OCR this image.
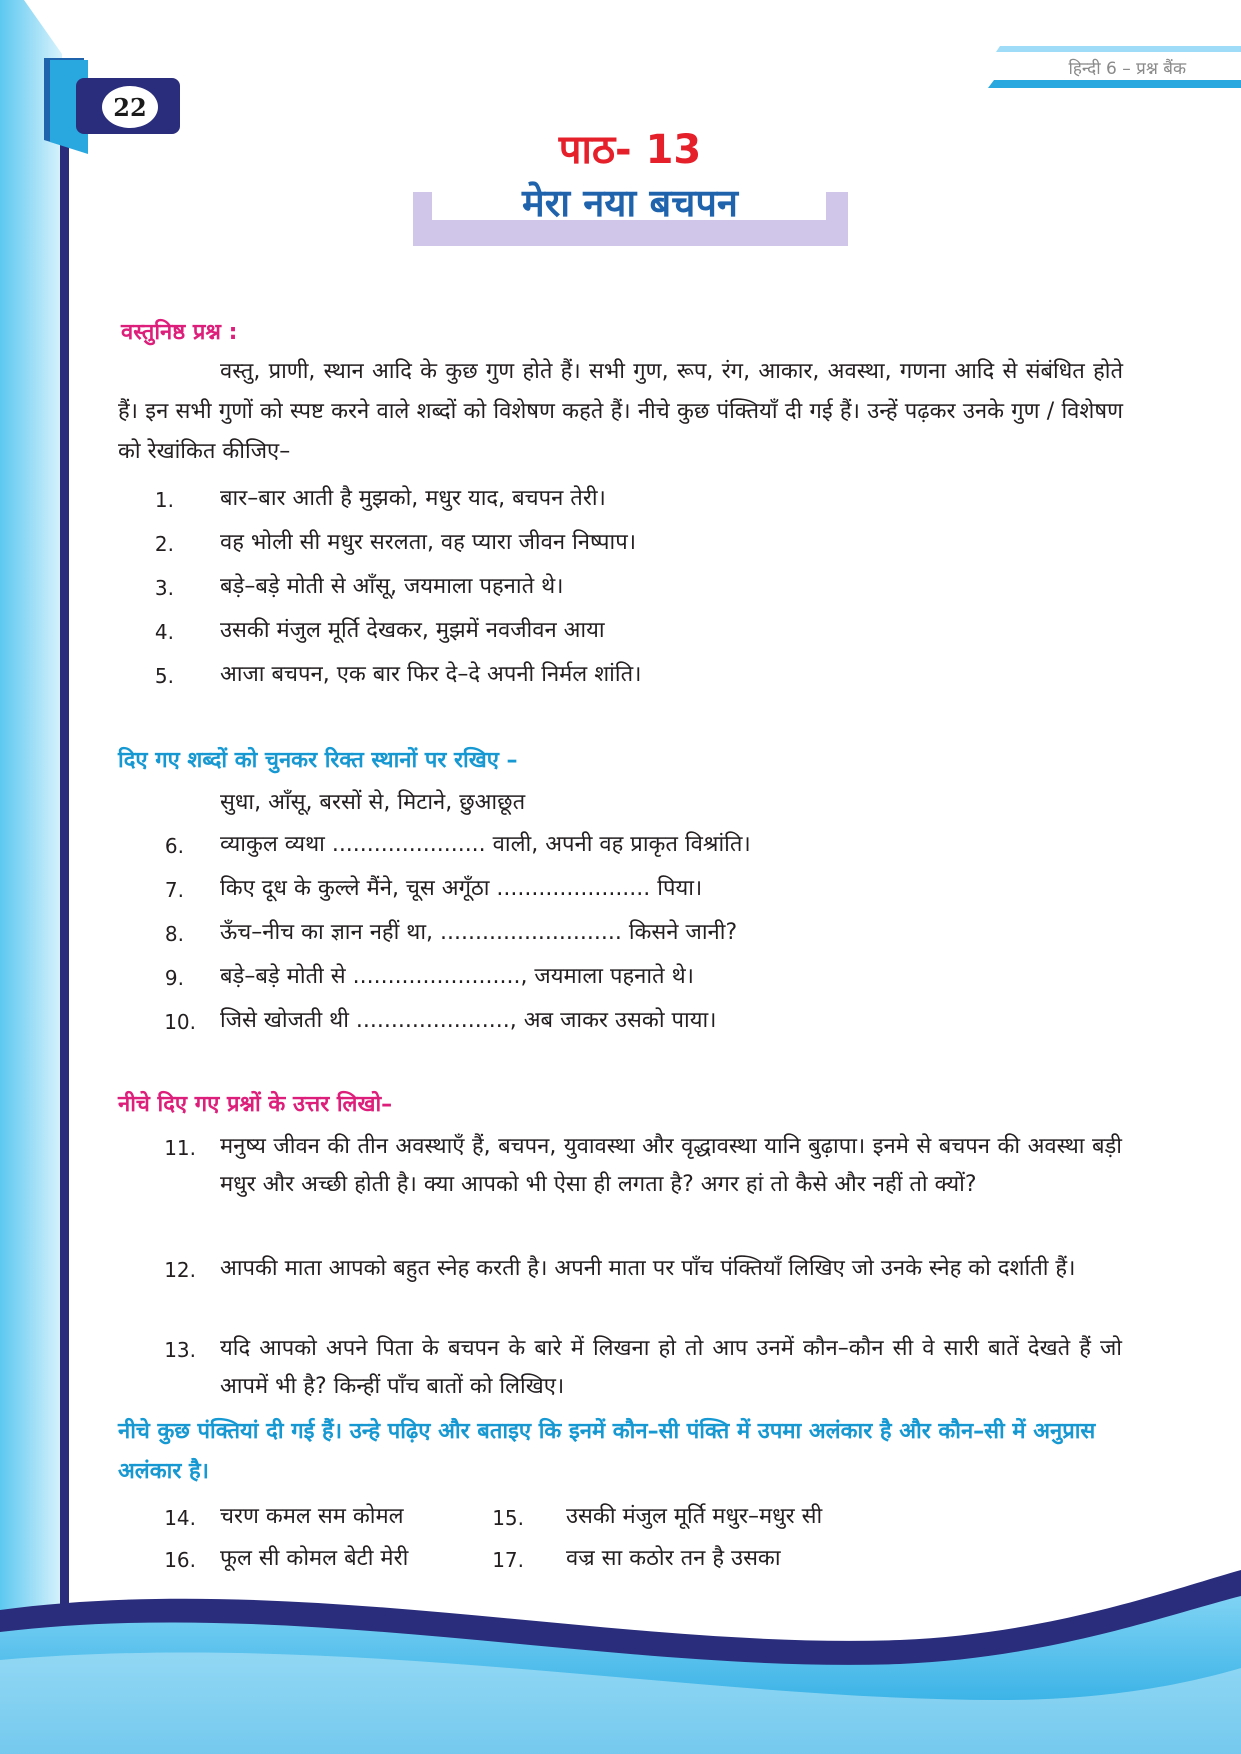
हिन्दी 6 – प्रश्न बैंक
22
पाठ- 13
मेरा नया बचपन
वस्तुनिष्ठ प्रश्न :
वस्तु, प्राणी, स्थान आदि के कुछ गुण होते हैं। सभी गुण, रूप, रंग, आकार, अवस्था, गणना आदि से संबंधित होते हैं। इन सभी गुणों को स्पष्ट करने वाले शब्दों को विशेषण कहते हैं। नीचे कुछ पंक्तियाँ दी गई हैं। उन्हें पढ़कर उनके गुण / विशेषण को रेखांकित कीजिए–
1. बार–बार आती है मुझको, मधुर याद, बचपन तेरी।
2. वह भोली सी मधुर सरलता, वह प्यारा जीवन निष्पाप।
3. बड़े–बड़े मोती से आँसू, जयमाला पहनाते थे।
4. उसकी मंजुल मूर्ति देखकर, मुझमें नवजीवन आया
5. आजा बचपन, एक बार फिर दे–दे अपनी निर्मल शांति।
दिए गए शब्दों को चुनकर रिक्त स्थानों पर रखिए –
सुधा, आँसू, बरसों से, मिटाने, छुआछूत
6. व्याकुल व्यथा ...................... वाली, अपनी वह प्राकृत विश्रांति।
7. किए दूध के कुल्ले मैंने, चूस अगूँठा ...................... पिया।
8. ऊँच–नीच का ज्ञान नहीं था, .......................... किसने जानी?
9. बड़े–बड़े मोती से ........................, जयमाला पहनाते थे।
10. जिसे खोजती थी ......................, अब जाकर उसको पाया।
नीचे दिए गए प्रश्नों के उत्तर लिखो–
11. मनुष्य जीवन की तीन अवस्थाएँ हैं, बचपन, युवावस्था और वृद्धावस्था यानि बुढ़ापा। इनमे से बचपन की अवस्था बड़ी मधुर और अच्छी होती है। क्या आपको भी ऐसा ही लगता है? अगर हां तो कैसे और नहीं तो क्यों?
12. आपकी माता आपको बहुत स्नेह करती है। अपनी माता पर पाँच पंक्तियाँ लिखिए जो उनके स्नेह को दर्शाती हैं।
13. यदि आपको अपने पिता के बचपन के बारे में लिखना हो तो आप उनमें कौन–कौन सी वे सारी बातें देखते हैं जो आपमें भी है? किन्हीं पाँच बातों को लिखिए।
नीचे कुछ पंक्तियां दी गई हैं। उन्हे पढ़िए और बताइए कि इनमें कौन–सी पंक्ति में उपमा अलंकार है और कौन–सी में अनुप्रास अलंकार है।
14. चरण कमल सम कोमल	15. उसकी मंजुल मूर्ति मधुर–मधुर सी
16. फूल सी कोमल बेटी मेरी	17. वज्र सा कठोर तन है उसका
